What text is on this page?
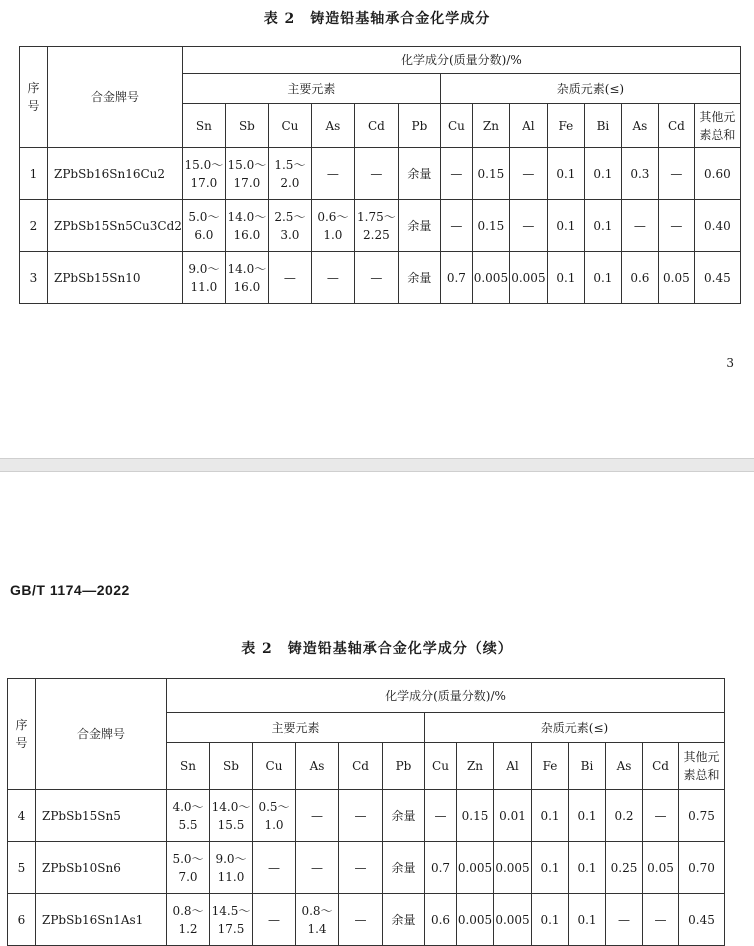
表 2　铸造铅基轴承合金化学成分
序
号	合金牌号	化学成分(质量分数)/%													
		主要元素						杂质元素(≤)							
		Sn	Sb	Cu	As	Cd	Pb	Cu	Zn	Al	Fe	Bi	As	Cd	其他元
素总和
1	ZPbSb16Sn16Cu2	15.0～
17.0	15.0～
17.0	1.5～
2.0	—	—	余量	—	0.15	—	0.1	0.1	0.3	—	0.60
2	ZPbSb15Sn5Cu3Cd2	5.0～
6.0	14.0～
16.0	2.5～
3.0	0.6～
1.0	1.75～
2.25	余量	—	0.15	—	0.1	0.1	—	—	0.40
3	ZPbSb15Sn10	9.0～
11.0	14.0～
16.0	—	—	—	余量	0.7	0.005	0.005	0.1	0.1	0.6	0.05	0.45
3
GB/T 1174—2022
表 2　铸造铅基轴承合金化学成分（续）
序
号	合金牌号	化学成分(质量分数)/%													
		主要元素						杂质元素(≤)							
		Sn	Sb	Cu	As	Cd	Pb	Cu	Zn	Al	Fe	Bi	As	Cd	其他元
素总和
4	ZPbSb15Sn5	4.0～
5.5	14.0～
15.5	0.5～
1.0	—	—	余量	—	0.15	0.01	0.1	0.1	0.2	—	0.75
5	ZPbSb10Sn6	5.0～
7.0	9.0～
11.0	—	—	—	余量	0.7	0.005	0.005	0.1	0.1	0.25	0.05	0.70
6	ZPbSb16Sn1As1	0.8～
1.2	14.5～
17.5	—	0.8～
1.4	—	余量	0.6	0.005	0.005	0.1	0.1	—	—	0.45
